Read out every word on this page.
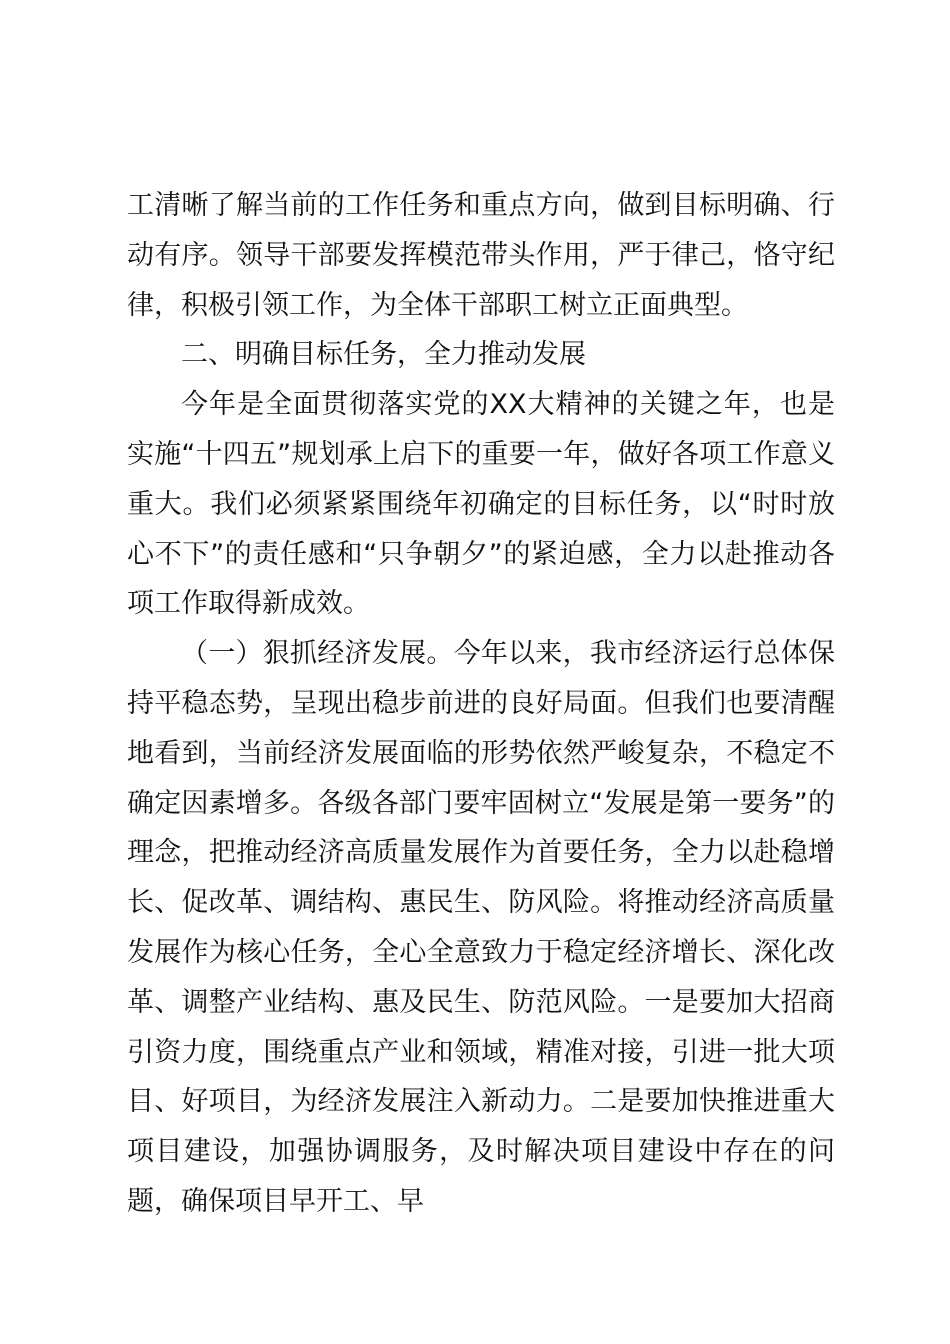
工清晰了解当前的工作任务和重点方向，做到目标明确、行动有序。领导干部要发挥模范带头作用，严于律己，恪守纪律，积极引领工作，为全体干部职工树立正面典型。

二、明确目标任务，全力推动发展

今年是全面贯彻落实党的XX大精神的关键之年，也是实施“十四五”规划承上启下的重要一年，做好各项工作意义重大。我们必须紧紧围绕年初确定的目标任务，以“时时放心不下”的责任感和“只争朝夕”的紧迫感，全力以赴推动各项工作取得新成效。

（一）狠抓经济发展。今年以来，我市经济运行总体保持平稳态势，呈现出稳步前进的良好局面。但我们也要清醒地看到，当前经济发展面临的形势依然严峻复杂，不稳定不确定因素增多。各级各部门要牢固树立“发展是第一要务”的理念，把推动经济高质量发展作为首要任务，全力以赴稳增长、促改革、调结构、惠民生、防风险。将推动经济高质量发展作为核心任务，全心全意致力于稳定经济增长、深化改革、调整产业结构、惠及民生、防范风险。一是要加大招商引资力度，围绕重点产业和领域，精准对接，引进一批大项目、好项目，为经济发展注入新动力。二是要加快推进重大项目建设，加强协调服务，及时解决项目建设中存在的问题，确保项目早开工、早
